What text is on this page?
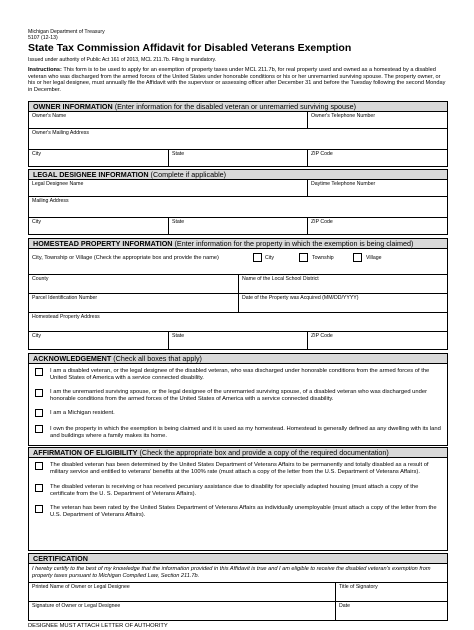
Michigan Department of Treasury
5107 (12-13)
State Tax Commission Affidavit for Disabled Veterans Exemption
Issued under authority of Public Act 161 of 2013, MCL 211.7b. Filing is mandatory.
Instructions: This form is to be used to apply for an exemption of property taxes under MCL 211.7b, for real property used and owned as a homestead by a disabled veteran who was discharged from the armed forces of the United States under honorable conditions or his or her unremarried surviving spouse. The property owner, or his or her legal designee, must annually file the Affidavit with the supervisor or assessing officer after December 31 and before the Tuesday following the second Monday in December.
OWNER INFORMATION (Enter information for the disabled veteran or unremarried surviving spouse)
Owner's Name	Owner's Telephone Number
Owner's Mailing Address
City	State	ZIP Code
LEGAL DESIGNEE INFORMATION (Complete if applicable)
Legal Designee Name	Daytime Telephone Number
Mailing Address
City	State	ZIP Code
HOMESTEAD PROPERTY INFORMATION (Enter information for the property in which the exemption is being claimed)
City, Township or Village (Check the appropriate box and provide the name)	City	Township	Village
County	Name of the Local School District
Parcel Identification Number	Date of the Property was Acquired (MM/DD/YYYY)
Homestead Property Address
City	State	ZIP Code
ACKNOWLEDGEMENT (Check all boxes that apply)
I am a disabled veteran, or the legal designee of the disabled veteran, who was discharged under honorable conditions from the armed forces of the United States of America with a service connected disability.
I am the unremarried surviving spouse, or the legal designee of the unremarried surviving spouse, of a disabled veteran who was discharged under honorable conditions from the armed forces of the United States of America with a service connected disability.
I am a Michigan resident.
I own the property in which the exemption is being claimed and it is used as my homestead. Homestead is generally defined as any dwelling with its land and buildings where a family makes its home.
AFFIRMATION OF ELIGIBILITY (Check the appropriate box and provide a copy of the required documentation)
The disabled veteran has been determined by the United States Department of Veterans Affairs to be permanently and totally disabled as a result of military service and entitled to veterans' benefits at the 100% rate (must attach a copy of the letter from the U.S. Department of Veterans Affairs).
The disabled veteran is receiving or has received pecuniary assistance due to disability for specially adapted housing (must attach a copy of the certificate from the U. S. Department of Veterans Affairs).
The veteran has been rated by the United States Department of Veterans Affairs as individually unemployable (must attach a copy of the letter from the U.S. Department of Veterans Affairs).
CERTIFICATION
I hereby certify to the best of my knowledge that the information provided in this Affidavit is true and I am eligible to receive the disabled veteran's exemption from property taxes pursuant to Michigan Compiled Law, Section 211.7b.
Printed Name of Owner or Legal Designee	Title of Signatory
Signature of Owner or Legal Designee	Date
DESIGNEE MUST ATTACH LETTER OF AUTHORITY
